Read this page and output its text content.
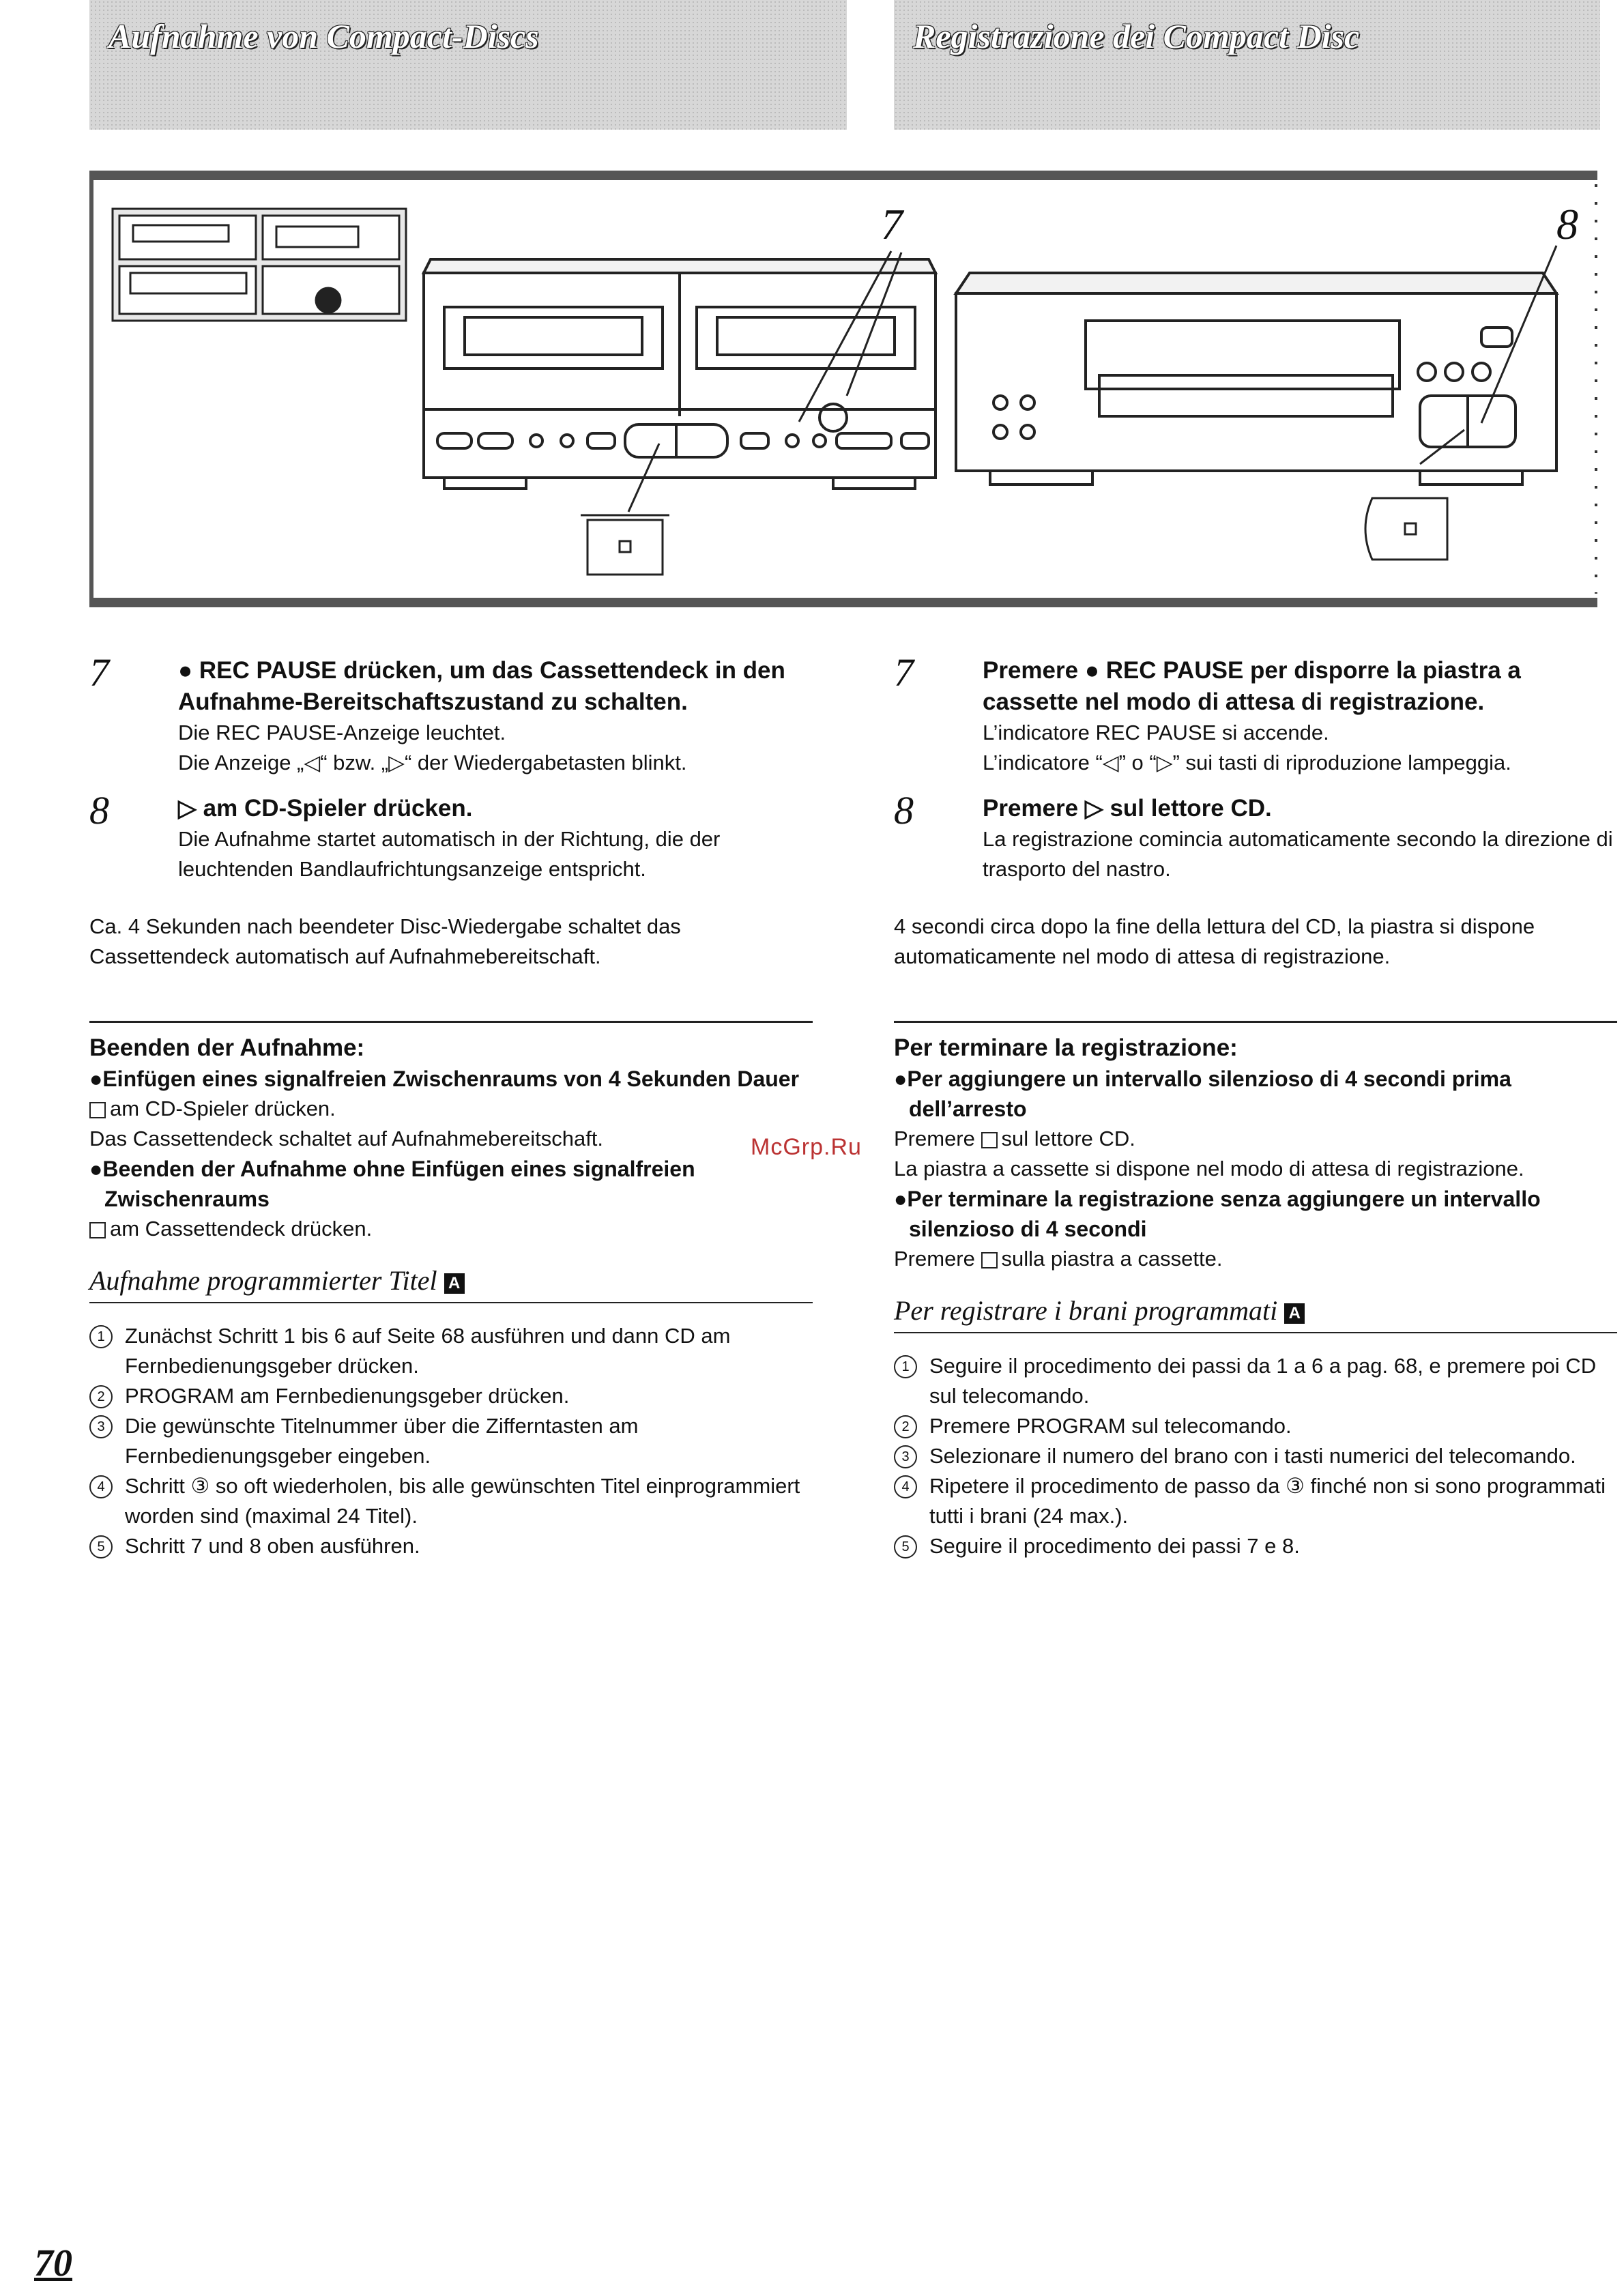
Aufnahme von Compact-Discs	Registrazione dei Compact Disc
7	8
7	● REC PAUSE drücken, um das Cassettendeck in den Aufnahme-Bereitschaftszustand zu schalten.

Die REC PAUSE-Anzeige leuchtet.

Die Anzeige „◁“ bzw. „▷“ der Wiedergabetasten blinkt.

8	▷ am CD-Spieler drücken.

Die Aufnahme startet automatisch in der Richtung, die der leuchtenden Bandlaufrichtungsanzeige entspricht.

Ca. 4 Sekunden nach beendeter Disc-Wiedergabe schaltet das Cassettendeck automatisch auf Aufnahmebereitschaft.

Beenden der Aufnahme:

●Einfügen eines signalfreien Zwischenraums von 4 Sekunden Dauer

am CD-Spieler drücken.

Das Cassettendeck schaltet auf Aufnahmebereitschaft.

●Beenden der Aufnahme ohne Einfügen eines signalfreien Zwischenraums

am Cassettendeck drücken.

Aufnahme programmierter Titel A

1 Zunächst Schritt 1 bis 6 auf Seite 68 ausführen und dann CD am Fernbedienungsgeber drücken.
2 PROGRAM am Fernbedienungsgeber drücken.
3 Die gewünschte Titelnummer über die Zifferntasten am Fernbedienungsgeber eingeben.
4 Schritt ③ so oft wiederholen, bis alle gewünschten Titel einprogrammiert worden sind (maximal 24 Titel).
5 Schritt 7 und 8 oben ausführen.
7	Premere ● REC PAUSE per disporre la piastra a cassette nel modo di attesa di registrazione.

L’indicatore REC PAUSE si accende.

L’indicatore “◁” o “▷” sui tasti di riproduzione lampeggia.

8	Premere ▷ sul lettore CD.

La registrazione comincia automaticamente secondo la direzione di trasporto del nastro.

4 secondi circa dopo la fine della lettura del CD, la piastra si dispone automaticamente nel modo di attesa di registrazione.

Per terminare la registrazione:

●Per aggiungere un intervallo silenzioso di 4 secondi prima dell’arresto

Premere sul lettore CD.

La piastra a cassette si dispone nel modo di attesa di registrazione.

●Per terminare la registrazione senza aggiungere un intervallo silenzioso di 4 secondi

Premere sulla piastra a cassette.

Per registrare i brani programmati A

1 Seguire il procedimento dei passi da 1 a 6 a pag. 68, e premere poi CD sul telecomando.
2 Premere PROGRAM sul telecomando.
3 Selezionare il numero del brano con i tasti numerici del telecomando.
4 Ripetere il procedimento de passo da ③ finché non si sono programmati tutti i brani (24 max.).
5 Seguire il procedimento dei passi 7 e 8.
McGrp.Ru
70
